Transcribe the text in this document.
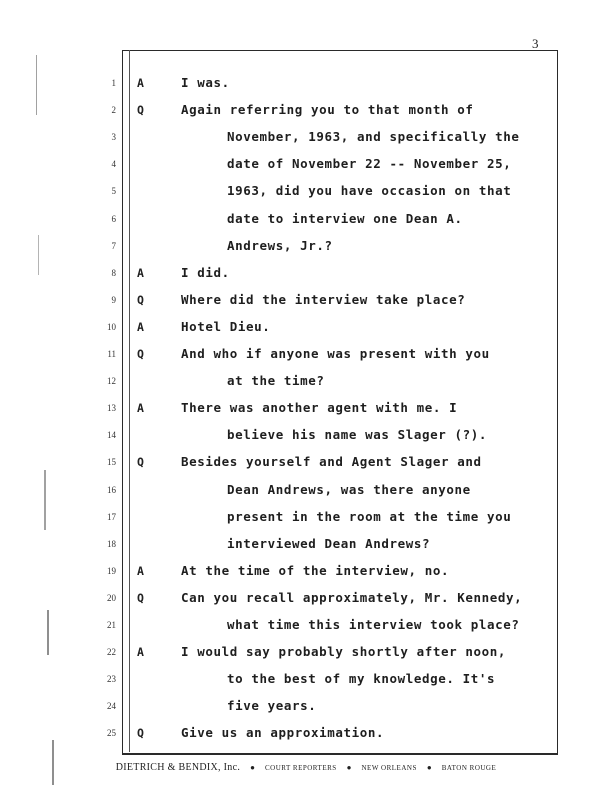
3
1 A	I was.
2 Q	Again referring you to that month of
3	November, 1963, and specifically the
4	date of November 22 -- November 25,
5	1963, did you have occasion on that
6	date to interview one Dean A.
7	Andrews, Jr.?
8 A	I did.
9 Q	Where did the interview take place?
10 A	Hotel Dieu.
11 Q	And who if anyone was present with you
12	at the time?
13 A	There was another agent with me. I
14	believe his name was Slager (?).
15 Q	Besides yourself and Agent Slager and
16	Dean Andrews, was there anyone
17	present in the room at the time you
18	interviewed Dean Andrews?
19 A	At the time of the interview, no.
20 Q	Can you recall approximately, Mr. Kennedy,
21	what time this interview took place?
22 A	I would say probably shortly after noon,
23	to the best of my knowledge. It's
24	five years.
25 Q	Give us an approximation.
DIETRICH & BENDIX, Inc. ● COURT REPORTERS ● NEW ORLEANS ● BATON ROUGE
